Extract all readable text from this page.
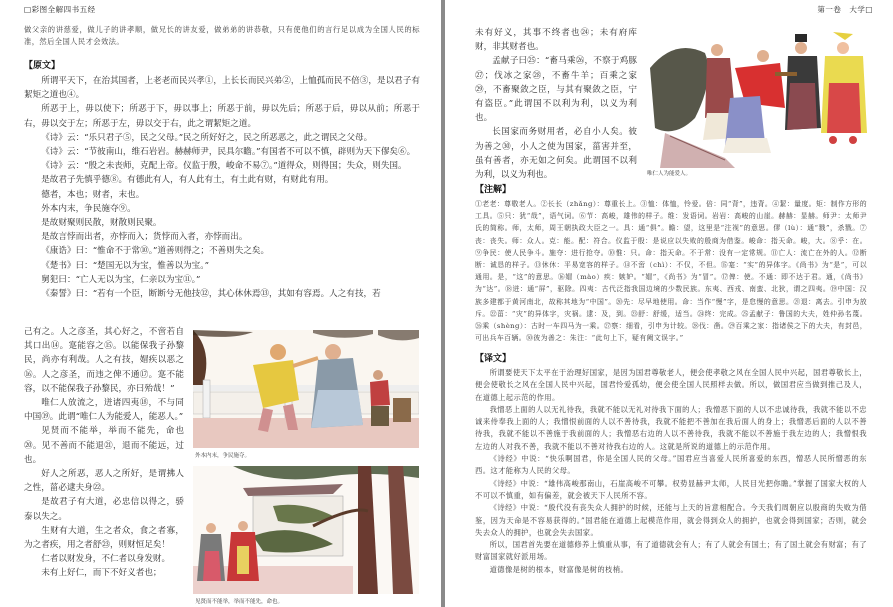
□彩图全解四书五经

做父亲的讲慈爱，做儿子的讲孝顺，做兄长的讲友爱，做弟弟的讲恭敬，只有使他们的言行足以成为全国人民的标准，然后全国人民才会效法。

【原文】

所谓平天下，在治其国者，上老老而民兴孝①，上长长而民兴弟②，上恤孤而民不倍③，是以君子有絜矩之道也④。

所恶于上，毋以使下；所恶于下，毋以事上；所恶于前，毋以先后；所恶于后，毋以从前；所恶于右，毋以交于左；所恶于左，毋以交于右，此之谓絜矩之道。

《诗》云：“乐只君子⑤，民之父母。”民之所好好之，民之所恶恶之，此之谓民之父母。

《诗》云：“节彼南山，维石岩岩。赫赫师尹，民具尔瞻。”有国者不可以不慎，辟则为天下僇矣⑥。

《诗》云：“殷之未丧师，克配上帝。仪监于殷，峻命不易⑦。”道得众，则得国；失众，则失国。

是故君子先慎乎德⑧。有德此有人，有人此有土，有土此有财，有财此有用。

德者，本也；财者，末也。

外本内末，争民施夺⑨。

是故财聚则民散，财散则民聚。

是故言悖而出者，亦悖而入；货悖而入者，亦悖而出。

《康诰》曰：“惟命不于常⑩。”道善则得之；不善则失之矣。

《楚书》曰：“楚国无以为宝，惟善以为宝。”

舅犯曰：“亡人无以为宝，仁亲以为宝⑪。”

《秦誓》曰：“若有一个臣，断断兮无他技⑫，其心休休焉⑬，其如有容焉。人之有技，若

己有之。人之彦圣，其心好之，不啻若自其口出⑭。寔能容之⑮。以能保我子孙黎民，尚亦有利哉。人之有技，媢疾以恶之⑯。人之彦圣，而违之俾不通⑰。寔不能容，以不能保我子孙黎民，亦曰殆哉！”

唯仁人放流之，迸诸四夷⑱，不与同中国⑲。此谓“唯仁人为能爱人，能恶人。”

见贤而不能举，举而不能先，命也⑳。见不善而不能退㉑，退而不能远，过也。

好人之所恶，恶人之所好，是谓拂人之性，菑必逮夫身㉒。

是故君子有大道，必忠信以得之，骄泰以失之。

生财有大道，生之者众，食之者寡，为之者疾，用之者舒㉓，则财恒足矣！

仁者以财发身，不仁者以身发财。

未有上好仁，而下不好义者也；

外本内末，争民施夺。
见贤而不能举，举而不能先，命也。
第一卷　大学□

未有好义，其事不终者也㉔；未有府库财，非其财者也。

孟献子曰㉕：“畜马乘㉖，不察于鸡豚㉗；伐冰之家㉘，不畜牛羊；百乘之家㉙，不畜聚敛之臣，与其有聚敛之臣，宁有盗臣。”此谓国不以利为利，以义为利也。

长国家而务财用者，必自小人矣。彼为善之㉚，小人之使为国家，菑害并至，虽有善者，亦无如之何矣。此谓国不以利为利，以义为利也。	唯仁人为能爱人。
【注解】

①老老：尊敬老人。②长长（zhǎng）：尊重长上。③恤：体恤，怜爱。倍：同“背”，违背。④絜：量度。矩：制作方形的工具。⑤只：犹“哉”，语气词。⑥节：高峻，雄伟的样子。维：发语词。岩岩：高峻的山崖。赫赫：显赫。师尹：太师尹氏的简称。师，太师，周王朝执政大臣之一。具：通“俱”。瞻：望，这里是“注视”的意思。僇（lù）：通“戮”，杀戮。⑦丧：丧失。师：众人。克：能。配：符合。仪监于殷：是说应以失败的殷商为借鉴。峻命：指天命。峻，大。⑧乎：在。⑨争民：使人民争斗。施夺：进行抢夺。⑩惟：只。命：指天命。不于常：没有一定常规。⑪亡人：流亡在外的人。⑫断断：诚恳的样子。⑬休休：平易宽容的样子。⑭不啻（chì）：不仅，不但。⑮寔：“实”的异体字。《尚书》为“是”，可以通用。是，“这”的意思。⑯媢（mào）疾：嫉妒。“媢”，《尚书》为“冒”。⑰俾：使。不通：即不达于君。通，《尚书》为“达”。⑱迸：通“屏”，驱除。四夷：古代泛指我国边境的少数民族。东夷、西戎、南蛮、北狄，谓之四夷。⑲中国：汉族多建都于黄河南北，故称其地为“中国”。⑳先：尽早地使用。命：当作“慢”字，是怠慢的意思。㉑退：离去。引申为放斥。㉒菑：“灾”的异体字，灾祸。逮：及，到。㉓舒：舒缓，适当。㉔终：完成。㉕孟献子：鲁国的大夫，姓仲孙名蔑。㉖乘（shèng）：古时一车四马为一乘。㉗察：细看，引申为计较。㉘伐：凿。㉙百乘之家：指诸侯之下的大夫，有封邑，可出兵车百辆。㉚彼为善之：朱注：“此句上下，疑有阙文误字。”

【译文】

所谓要使天下太平在于治理好国家，是因为国君尊敬老人，便会使孝敬之风在全国人民中兴起，国君尊敬长上，便会使敬长之风在全国人民中兴起，国君怜爱孤幼，便会使全国人民照样去做。所以，做国君应当做到推己及人，在道德上起示范的作用。

我憎恶上面的人以无礼待我，我就不能以无礼对待我下面的人；我憎恶下面的人以不忠诚待我，我就不能以不忠诚来侍奉我上面的人；我憎恨前面的人以不善待我，我就不能把不善加在我后面人的身上；我憎恶后面的人以不善待我，我就不能以不善施于我前面的人；我憎恶右边的人以不善待我，我就不能以不善施于我左边的人；我憎恨我左边的人对我不善，我就不能以不善对待我右边的人。这就是所说的道德上的示范作用。

《诗经》中说：“快乐啊国君，你是全国人民的父母。”国君应当喜爱人民所喜爱的东西，憎恶人民所憎恶的东西。这才能称为人民的父母。

《诗经》中说：“雄伟高峻那南山，石崖高峻不可攀。权势显赫尹太师，人民目光把你瞻。”掌握了国家大权的人不可以不慎重，如有偏差，就会被天下人民所不容。

《诗经》中说：“殷代没有丧失众人拥护的时候，还能与上天的旨意相配合。今天我们周朝应以殷商的失败为借鉴，因为天命是不容易获得的。”国君能在道德上起模范作用，就会得到众人的拥护，也就会得到国家；否则，就会失去众人的拥护，也就会失去国家。

所以，国君首先要在道德修养上慎重从事，有了道德就会有人；有了人就会有国土；有了国土就会有财富；有了财富国家就好派用场。

道德像是树的根本，财富像是树的枝梢。
